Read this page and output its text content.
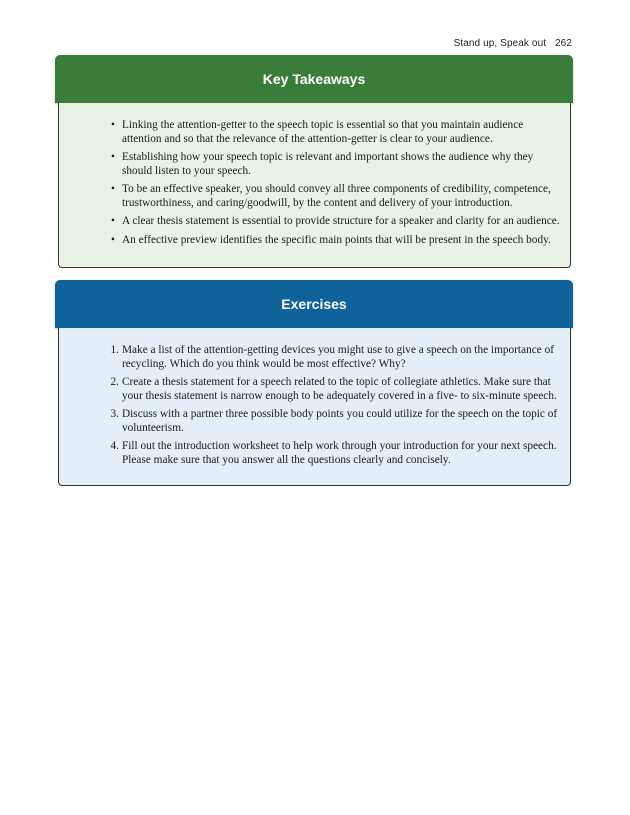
Stand up, Speak out 262
Key Takeaways
• Linking the attention-getter to the speech topic is essential so that you maintain audience attention and so that the relevance of the attention-getter is clear to your audience.
• Establishing how your speech topic is relevant and important shows the audience why they should listen to your speech.
• To be an effective speaker, you should convey all three components of credibility, competence, trustworthiness, and caring/goodwill, by the content and delivery of your introduction.
• A clear thesis statement is essential to provide structure for a speaker and clarity for an audience.
• An effective preview identifies the specific main points that will be present in the speech body.
Exercises
1. Make a list of the attention-getting devices you might use to give a speech on the importance of recycling. Which do you think would be most effective? Why?
2. Create a thesis statement for a speech related to the topic of collegiate athletics. Make sure that your thesis statement is narrow enough to be adequately covered in a five- to six-minute speech.
3. Discuss with a partner three possible body points you could utilize for the speech on the topic of volunteerism.
4. Fill out the introduction worksheet to help work through your introduction for your next speech. Please make sure that you answer all the questions clearly and concisely.
